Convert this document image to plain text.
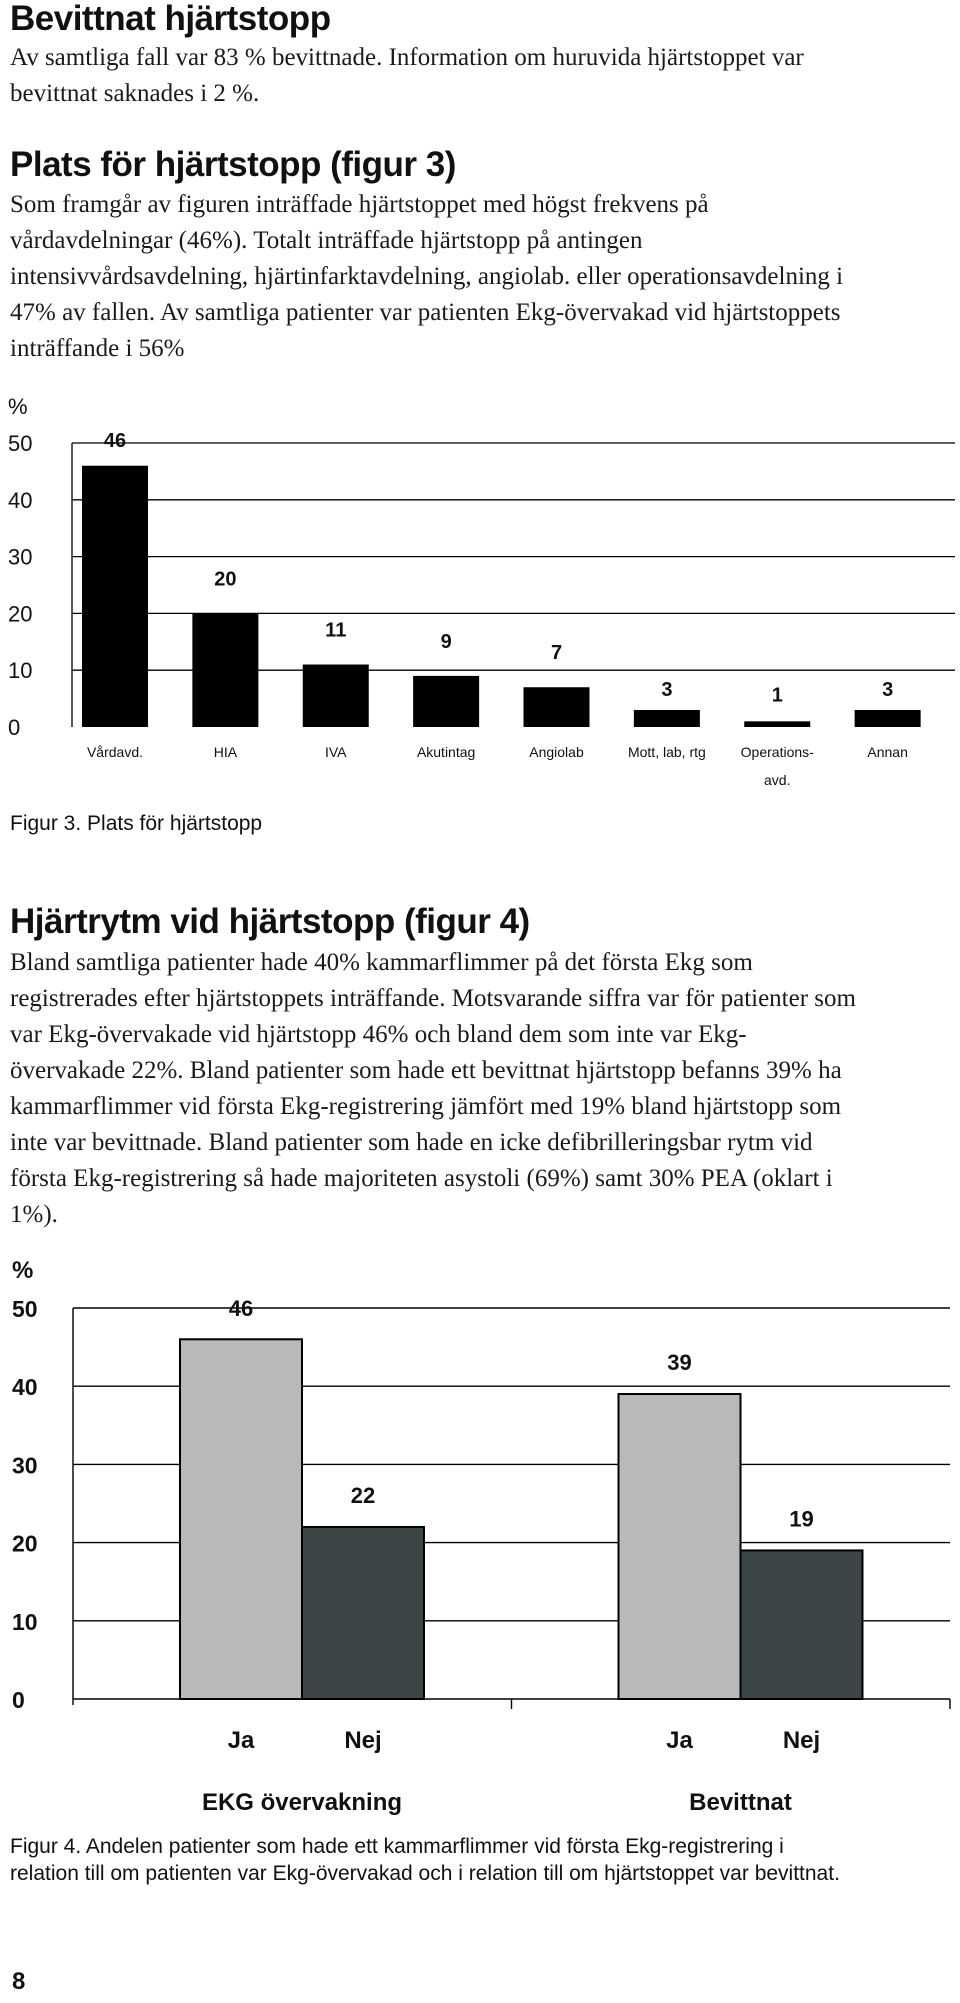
Bevittnat hjärtstopp

Av samtliga fall var 83 % bevittnade. Information om huruvida hjärtstoppet var bevittnat saknades i 2 %.

Plats för hjärtstopp (figur 3)

Som framgår av figuren inträffade hjärtstoppet med högst frekvens på vårdavdelningar (46%). Totalt inträffade hjärtstopp på antingen intensivvårdsavdelning, hjärtinfarktavdelning, angiolab. eller operationsavdelning i 47% av fallen. Av samtliga patienter var patienten Ekg-övervakad vid hjärtstoppets inträffande i 56%

%
0
10
20
30
40
50	46
20
11
9
7
3	1	3
Vårdavd.	HIA	IVA	Akutintag	Angiolab	Mott, lab, rtg Operations-
avd.
Annan

Figur 3. Plats för hjärtstopp

Hjärtrytm vid hjärtstopp (figur 4)

Bland samtliga patienter hade 40% kammarflimmer på det första Ekg som registrerades efter hjärtstoppets inträffande. Motsvarande siffra var för patienter som var Ekg-övervakade vid hjärtstopp 46% och bland dem som inte var Ekg-övervakade 22%. Bland patienter som hade ett bevittnat hjärtstopp befanns 39% ha kammarflimmer vid första Ekg-registrering jämfört med 19% bland hjärtstopp som inte var bevittnade. Bland patienter som hade en icke defibrilleringsbar rytm vid första Ekg-registrering så hade majoriteten asystoli (69%) samt 30% PEA (oklart i 1%).

%
0
10
20
30
40
50	46
22
39
19
Ja	Nej	Ja	Nej
EKG övervakning	Bevittnat

Figur 4. Andelen patienter som hade ett kammarflimmer vid första Ekg-registrering i relation till om patienten var Ekg-övervakad och i relation till om hjärtstoppet var bevittnat.

8
